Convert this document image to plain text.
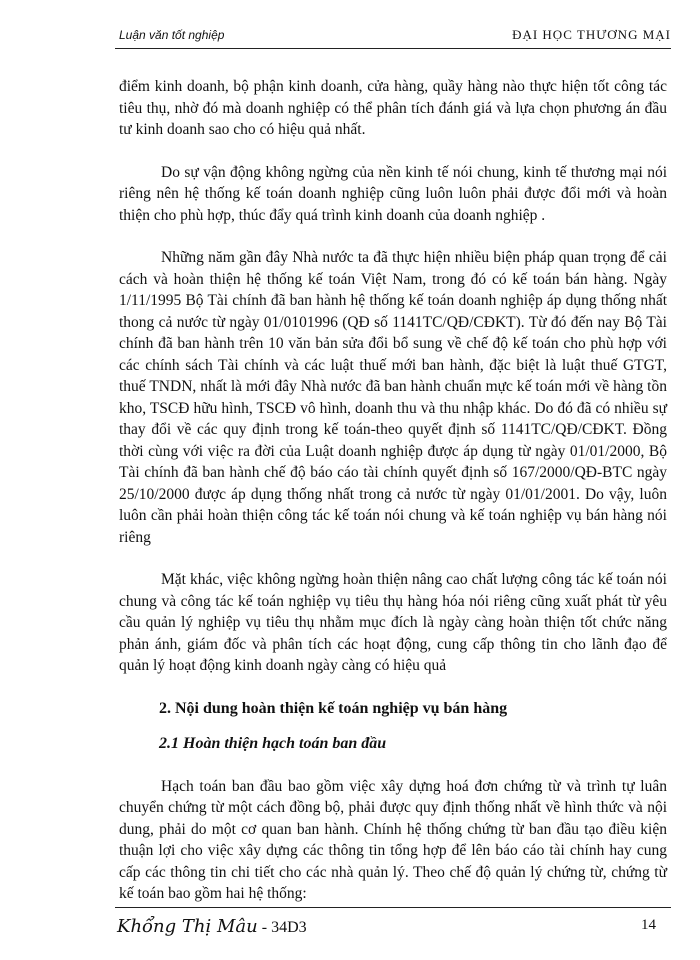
Luận văn tốt nghiệp	ĐẠI HỌC THƯƠNG MẠI

điểm kinh doanh, bộ phận kinh doanh, cửa hàng, quầy hàng nào thực hiện tốt công tác tiêu thụ, nhờ đó mà doanh nghiệp có thể phân tích đánh giá và lựa chọn phương án đầu tư kinh doanh sao cho có hiệu quả nhất.

Do sự vận động không ngừng của nền kinh tế nói chung, kinh tế thương mại nói riêng nên hệ thống kế toán doanh nghiệp cũng luôn luôn phải được đổi mới và hoàn thiện cho phù hợp, thúc đẩy quá trình kinh doanh của doanh nghiệp .

Những năm gần đây Nhà nước ta đã thực hiện nhiều biện pháp quan trọng để cải cách và hoàn thiện hệ thống kế toán Việt Nam, trong đó có kế toán bán hàng. Ngày 1/11/1995 Bộ Tài chính đã ban hành hệ thống kế toán doanh nghiệp áp dụng thống nhất thong cả nước từ ngày 01/0101996 (QĐ số 1141TC/QĐ/CĐKT). Từ đó đến nay Bộ Tài chính đã ban hành trên 10 văn bản sửa đổi bổ sung về chế độ kế toán cho phù hợp với các chính sách Tài chính và các luật thuế mới ban hành, đặc biệt là luật thuế GTGT, thuế TNDN, nhất là mới đây Nhà nước đã ban hành chuẩn mực kế toán mới về hàng tồn kho, TSCĐ hữu hình, TSCĐ vô hình, doanh thu và thu nhập khác. Do đó đã có nhiều sự thay đổi về các quy định trong kế toán-theo quyết định số 1141TC/QĐ/CĐKT. Đồng thời cùng với việc ra đời của Luật doanh nghiệp được áp dụng từ ngày 01/01/2000, Bộ Tài chính đã ban hành chế độ báo cáo tài chính quyết định số 167/2000/QĐ-BTC ngày 25/10/2000 được áp dụng thống nhất trong cả nước từ ngày 01/01/2001. Do vậy, luôn luôn cần phải hoàn thiện công tác kế toán nói chung và kế toán nghiệp vụ bán hàng nói riêng

Mặt khác, việc không ngừng hoàn thiện nâng cao chất lượng công tác kế toán nói chung và công tác kế toán nghiệp vụ tiêu thụ hàng hóa nói riêng cũng xuất phát từ yêu cầu quản lý nghiệp vụ tiêu thụ nhằm mục đích là ngày càng hoàn thiện tốt chức năng phản ánh, giám đốc và phân tích các hoạt động, cung cấp thông tin cho lãnh đạo để quản lý hoạt động kinh doanh ngày càng có hiệu quả

2. Nội dung hoàn thiện kế toán nghiệp vụ bán hàng
2.1 Hoàn thiện hạch toán ban đầu

Hạch toán ban đầu bao gồm việc xây dựng hoá đơn chứng từ và trình tự luân chuyển chứng từ một cách đồng bộ, phải được quy định thống nhất về hình thức và nội dung, phải do một cơ quan ban hành. Chính hệ thống chứng từ ban đầu tạo điều kiện thuận lợi cho việc xây dựng các thông tin tổng hợp để lên báo cáo tài chính hay cung cấp các thông tin chi tiết cho các nhà quản lý. Theo chế độ quản lý chứng từ, chứng từ kế toán bao gồm hai hệ thống:

Khổng Thị Mâu - 34D3	14
